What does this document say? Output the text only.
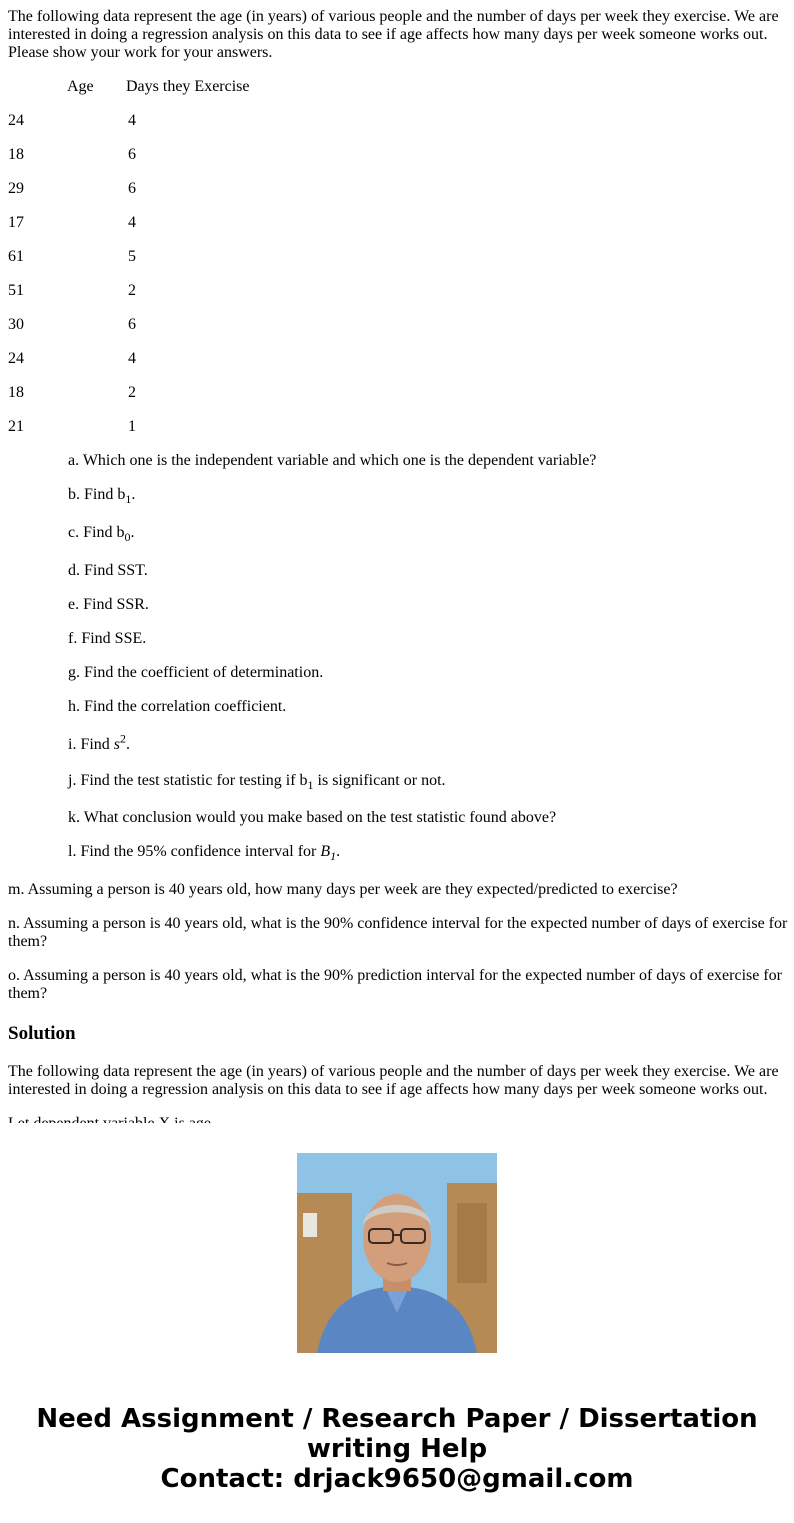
The following data represent the age (in years) of various people and the number of days per week they exercise. We are interested in doing a regression analysis on this data to see if age affects how many days per week someone works out. Please show your work for your answers.

Age Days they Exercise
24	4
18	6
29	6
17	4
61	5
51	2
30	6
24	4
18	2
21	1

a. Which one is the independent variable and which one is the dependent variable?

b. Find $b_1$.

c. Find $b_0$.

d. Find SST.

e. Find SSR.

f. Find SSE.

g. Find the coefficient of determination.

h. Find the correlation coefficient.

i. Find $s^2$.

j. Find the test statistic for testing if $b_1$ is significant or not.

k. What conclusion would you make based on the test statistic found above?

l. Find the 95% confidence interval for $B_1$.

m. Assuming a person is 40 years old, how many days per week are they expected/predicted to exercise?

n. Assuming a person is 40 years old, what is the 90% confidence interval for the expected number of days of exercise for them?

o. Assuming a person is 40 years old, what is the 90% prediction interval for the expected number of days of exercise for them?

Solution

The following data represent the age (in years) of various people and the number of days per week they exercise. We are interested in doing a regression analysis on this data to see if age affects how many days per week someone works out.

Need Assignment / Research Paper / Dissertation
writing Help
Contact: drjack9650@gmail.com
